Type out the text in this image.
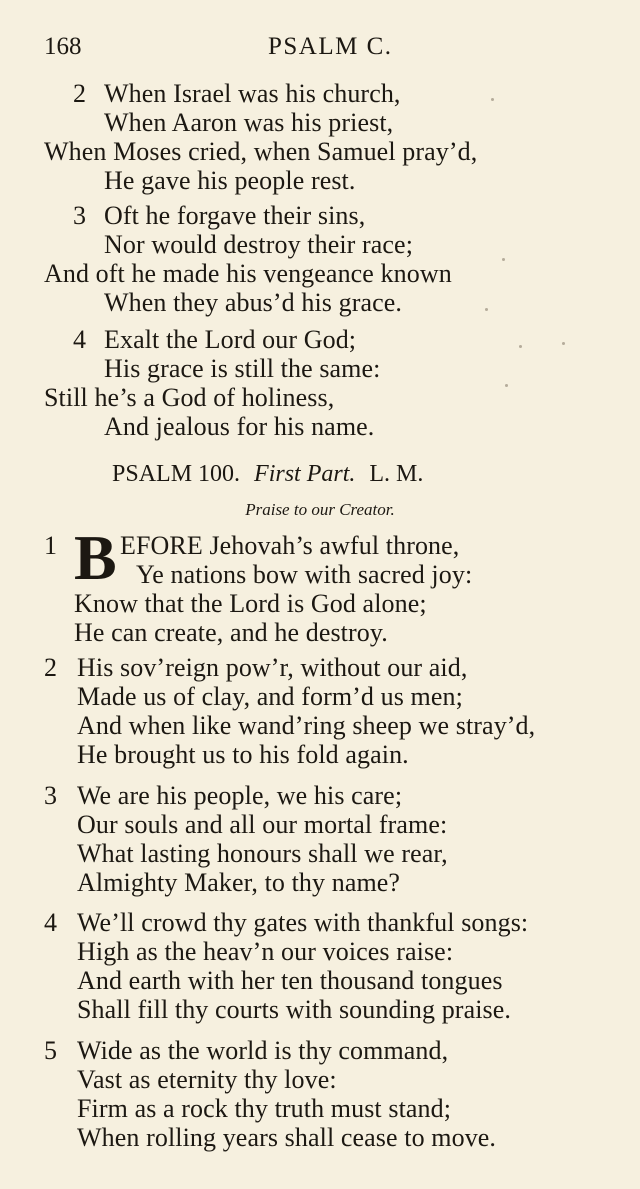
168	PSALM C.
2 When Israel was his church,
When Aaron was his priest,
When Moses cried, when Samuel pray’d,
He gave his people rest.
3 Oft he forgave their sins,
Nor would destroy their race;
And oft he made his vengeance known
When they abus’d his grace.
4 Exalt the Lord our God;
His grace is still the same:
Still he’s a God of holiness,
And jealous for his name.
PSALM 100. First Part. L. M.
Praise to our Creator.
1 B EFORE Jehovah’s awful throne,
Ye nations bow with sacred joy:
Know that the Lord is God alone;
He can create, and he destroy.
2 His sov’reign pow’r, without our aid,
Made us of clay, and form’d us men;
And when like wand’ring sheep we stray’d,
He brought us to his fold again.
3 We are his people, we his care;
Our souls and all our mortal frame:
What lasting honours shall we rear,
Almighty Maker, to thy name?
4 We’ll crowd thy gates with thankful songs:
High as the heav’n our voices raise:
And earth with her ten thousand tongues
Shall fill thy courts with sounding praise.
5 Wide as the world is thy command,
Vast as eternity thy love:
Firm as a rock thy truth must stand;
When rolling years shall cease to move.
